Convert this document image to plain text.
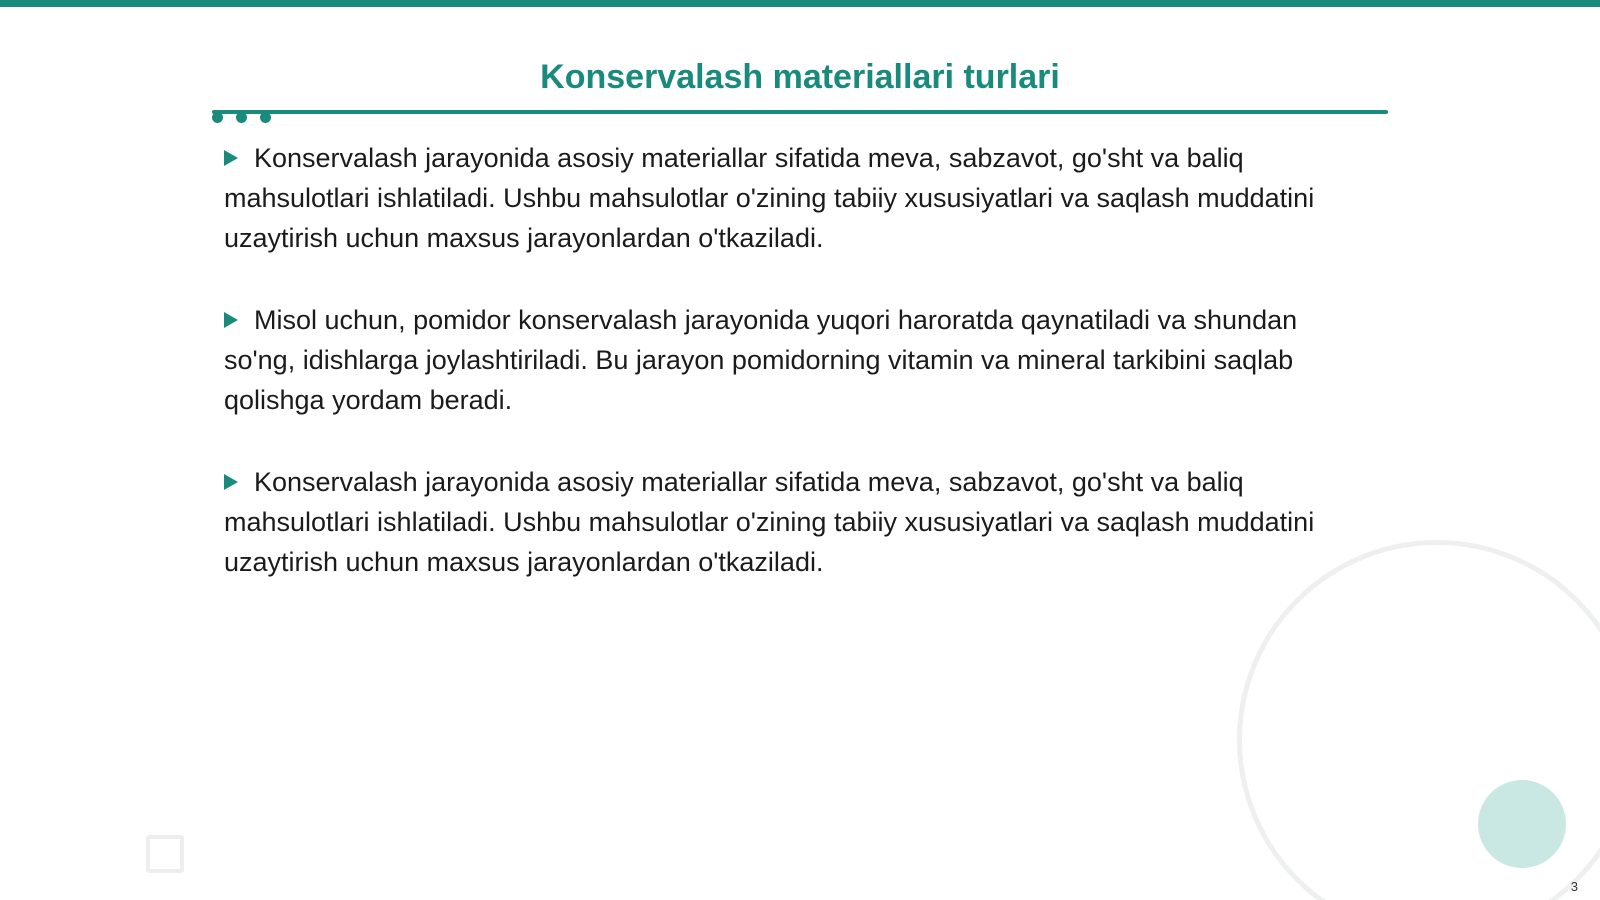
Konservalash materiallari turlari

Konservalash jarayonida asosiy materiallar sifatida meva, sabzavot, go'sht va baliq mahsulotlari ishlatiladi. Ushbu mahsulotlar o'zining tabiiy xususiyatlari va saqlash muddatini uzaytirish uchun maxsus jarayonlardan o'tkaziladi.

Misol uchun, pomidor konservalash jarayonida yuqori haroratda qaynatiladi va shundan so'ng, idishlarga joylashtiriladi. Bu jarayon pomidorning vitamin va mineral tarkibini saqlab qolishga yordam beradi.

Konservalash jarayonida asosiy materiallar sifatida meva, sabzavot, go'sht va baliq mahsulotlari ishlatiladi. Ushbu mahsulotlar o'zining tabiiy xususiyatlari va saqlash muddatini uzaytirish uchun maxsus jarayonlardan o'tkaziladi.

3
